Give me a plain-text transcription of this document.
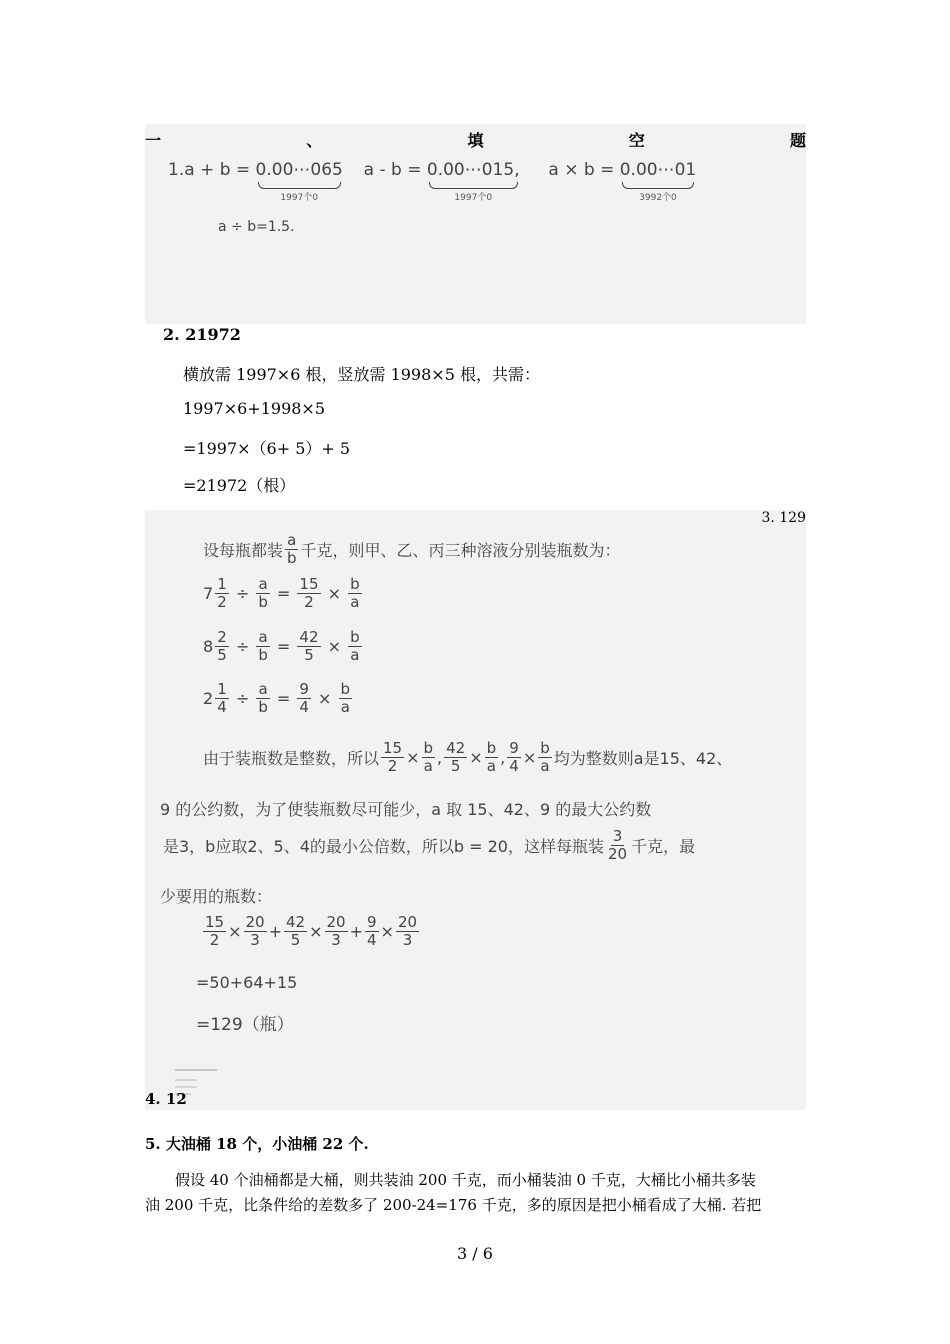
一	、	填	空	题
1.a + b = 0.00⋯065
1997个0
a - b = 0.00⋯015,
1997个0
a × b = 0.00⋯01
3992个0
a ÷ b=1.5.
2. 21972
横放需 1997×6 根，竖放需 1998×5 根，共需：
1997×6+1998×5
=1997×（6+ 5）+ 5
=21972（根）
3. 129
设每瓶都装 $\frac{a}{b}$ 千克，则甲、乙、丙三种溶液分别装瓶数为：
$7 \frac{1}{2} \div \frac{a}{b} = \frac{15}{2} \times \frac{b}{a}$
$8 \frac{2}{5} \div \frac{a}{b} = \frac{42}{5} \times \frac{b}{a}$
$2 \frac{1}{4} \div \frac{a}{b} = \frac{9}{4} \times \frac{b}{a}$
由于装瓶数是整数，所以 $\frac{15}{2} \times \frac{b}{a}$ , $\frac{42}{5} \times \frac{b}{a}$ , $\frac{9}{4} \times \frac{b}{a}$ 均为整数则a是15、42、
9 的公约数，为了使装瓶数尽可能少，a 取 15、42、9 的最大公约数
是3，b应取2、5、4的最小公倍数，所以b = 20，这样每瓶装 $\frac{3}{20}$ 千克，最
少要用的瓶数：
$\frac{15}{2} \times \frac{20}{3} + \frac{42}{5} \times \frac{20}{3} + \frac{9}{4} \times \frac{20}{3}$
=50+64+15
=129（瓶）
4. 12
5. 大油桶 18 个，小油桶 22 个.
假设 40 个油桶都是大桶，则共装油 200 千克，而小桶装油 0 千克，大桶比小桶共多装
油 200 千克，比条件给的差数多了 200-24=176 千克，多的原因是把小桶看成了大桶. 若把
3 / 6
